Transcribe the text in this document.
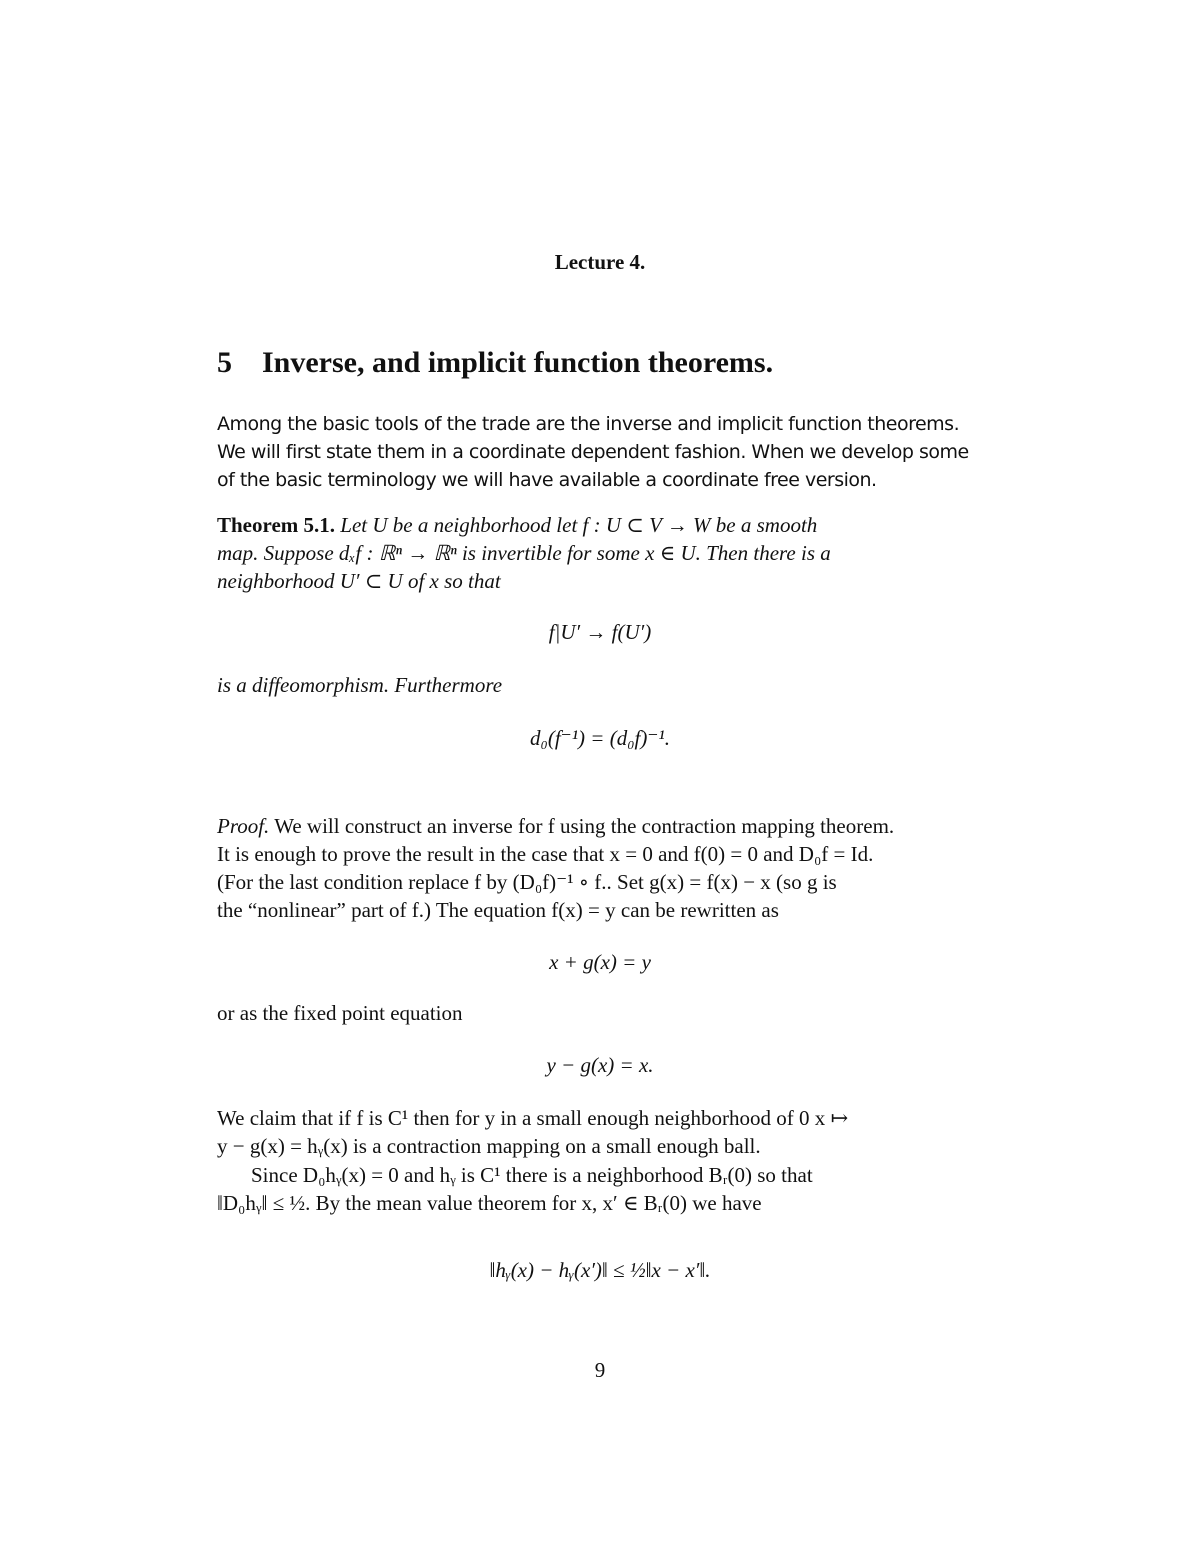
Lecture 4.
5 Inverse, and implicit function theorems.
Among the basic tools of the trade are the inverse and implicit function theorems.
We will first state them in a coordinate dependent fashion. When we develop some
of the basic terminology we will have available a coordinate free version.
Theorem 5.1. Let U be a neighborhood let f : U ⊂ V → W be a smooth
map. Suppose dₓf : ℝⁿ → ℝⁿ is invertible for some x ∈ U. Then there is a
neighborhood U′ ⊂ U of x so that
f|U′ → f(U′)
is a diffeomorphism. Furthermore
d₀(f⁻¹) = (d₀f)⁻¹.
Proof. We will construct an inverse for f using the contraction mapping theorem.
It is enough to prove the result in the case that x = 0 and f(0) = 0 and D₀f = Id.
(For the last condition replace f by (D₀f)⁻¹ ∘ f.. Set g(x) = f(x) − x (so g is
the “nonlinear” part of f.) The equation f(x) = y can be rewritten as
x + g(x) = y
or as the fixed point equation
y − g(x) = x.
We claim that if f is C¹ then for y in a small enough neighborhood of 0 x ↦
y − g(x) = hᵧ(x) is a contraction mapping on a small enough ball.
Since D₀hᵧ(x) = 0 and hᵧ is C¹ there is a neighborhood Bᵣ(0) so that
‖D₀hᵧ‖ ≤ ½. By the mean value theorem for x, x′ ∈ Bᵣ(0) we have
‖hᵧ(x) − hᵧ(x′)‖ ≤ ½‖x − x′‖.
9
